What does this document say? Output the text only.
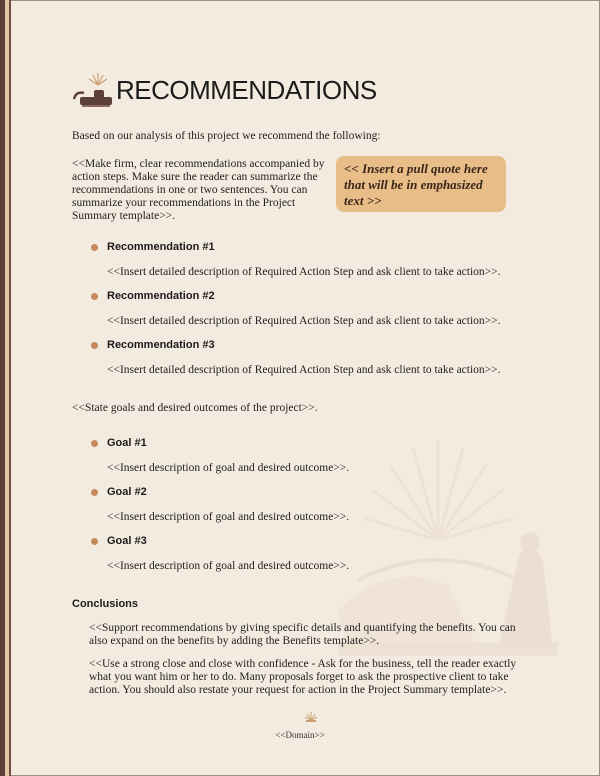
RECOMMENDATIONS
Based on our analysis of this project we recommend the following:
<<Make firm, clear recommendations accompanied by action steps. Make sure the reader can summarize the recommendations in one or two sentences. You can summarize your recommendations in the Project Summary template>>.
<< Insert a pull quote here that will be in emphasized text >>
Recommendation #1
<<Insert detailed description of Required Action Step and ask client to take action>>.
Recommendation #2
<<Insert detailed description of Required Action Step and ask client to take action>>.
Recommendation #3
<<Insert detailed description of Required Action Step and ask client to take action>>.
<<State goals and desired outcomes of the project>>.
Goal #1
<<Insert description of goal and desired outcome>>.
Goal #2
<<Insert description of goal and desired outcome>>.
Goal #3
<<Insert description of goal and desired outcome>>.
Conclusions
<<Support recommendations by giving specific details and quantifying the benefits. You can also expand on the benefits by adding the Benefits template>>.
<<Use a strong close and close with confidence - Ask for the business, tell the reader exactly what you want him or her to do. Many proposals forget to ask the prospective client to take action. You should also restate your request for action in the Project Summary template>>.
<<Domain>>
